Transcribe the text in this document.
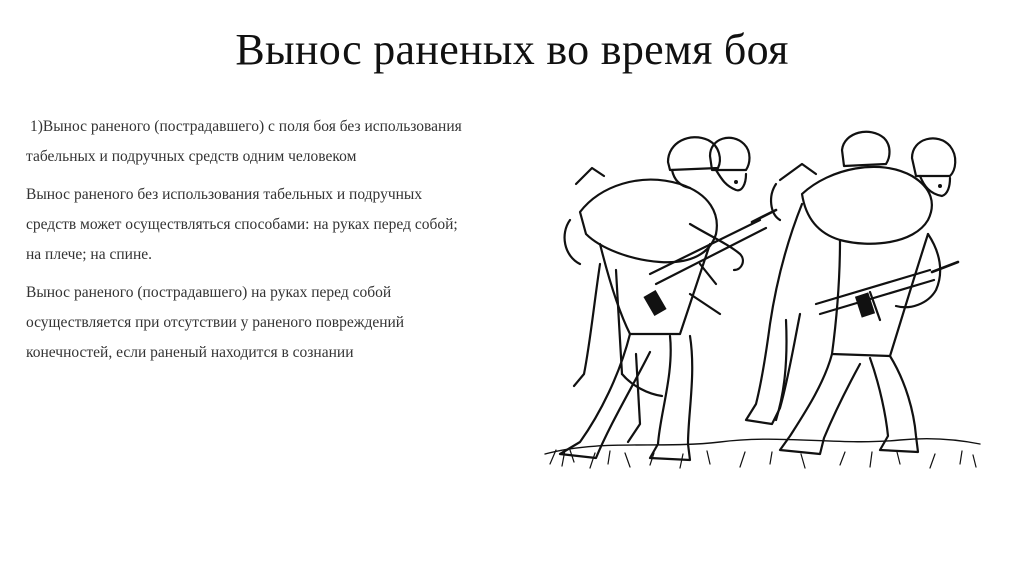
Вынос раненых во время боя

1)Вынос раненого (пострадавшего) с поля боя без использования табельных и подручных средств одним человеком

Вынос раненого без использования табельных и подручных средств может осуществляться способами: на руках перед собой; на плече; на спине.

Вынос раненого (пострадавшего) на руках перед собой осуществляется при отсутствии у раненого повреждений конечностей, если раненый находится в сознании
